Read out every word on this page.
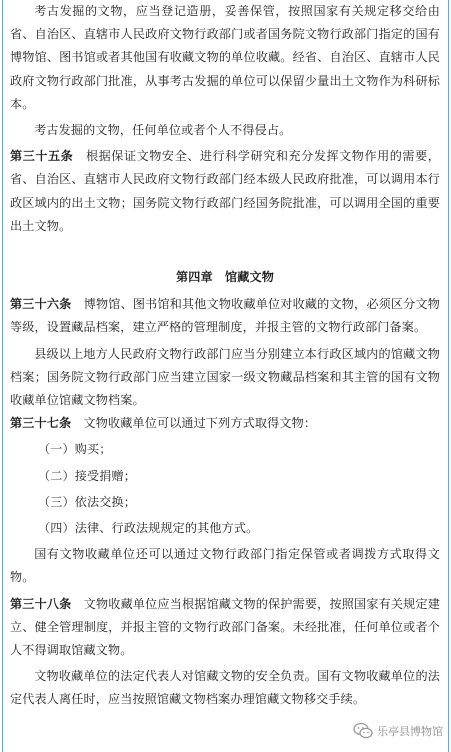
考古发掘的文物，应当登记造册，妥善保管，按照国家有关规定移交给由省、自治区、直辖市人民政府文物行政部门或者国务院文物行政部门指定的国有博物馆、图书馆或者其他国有收藏文物的单位收藏。经省、自治区、直辖市人民政府文物行政部门批准，从事考古发掘的单位可以保留少量出土文物作为科研标本。

考古发掘的文物，任何单位或者个人不得侵占。

第三十五条　 根据保证文物安全、进行科学研究和充分发挥文物作用的需要，省、自治区、直辖市人民政府文物行政部门经本级人民政府批准，可以调用本行政区域内的出土文物；国务院文物行政部门经国务院批准，可以调用全国的重要出土文物。

第四章　馆藏文物

第三十六条　 博物馆、图书馆和其他文物收藏单位对收藏的文物，必须区分文物等级，设置藏品档案，建立严格的管理制度，并报主管的文物行政部门备案。

县级以上地方人民政府文物行政部门应当分别建立本行政区域内的馆藏文物档案；国务院文物行政部门应当建立国家一级文物藏品档案和其主管的国有文物收藏单位馆藏文物档案。

第三十七条　 文物收藏单位可以通过下列方式取得文物：

（一）购买；

（二）接受捐赠；

（三）依法交换；

（四）法律、行政法规规定的其他方式。

国有文物收藏单位还可以通过文物行政部门指定保管或者调拨方式取得文物。

第三十八条　 文物收藏单位应当根据馆藏文物的保护需要，按照国家有关规定建立、健全管理制度，并报主管的文物行政部门备案。未经批准，任何单位或者个人不得调取馆藏文物。

文物收藏单位的法定代表人对馆藏文物的安全负责。国有文物收藏单位的法定代表人离任时，应当按照馆藏文物档案办理馆藏文物移交手续。

乐亭县博物馆
